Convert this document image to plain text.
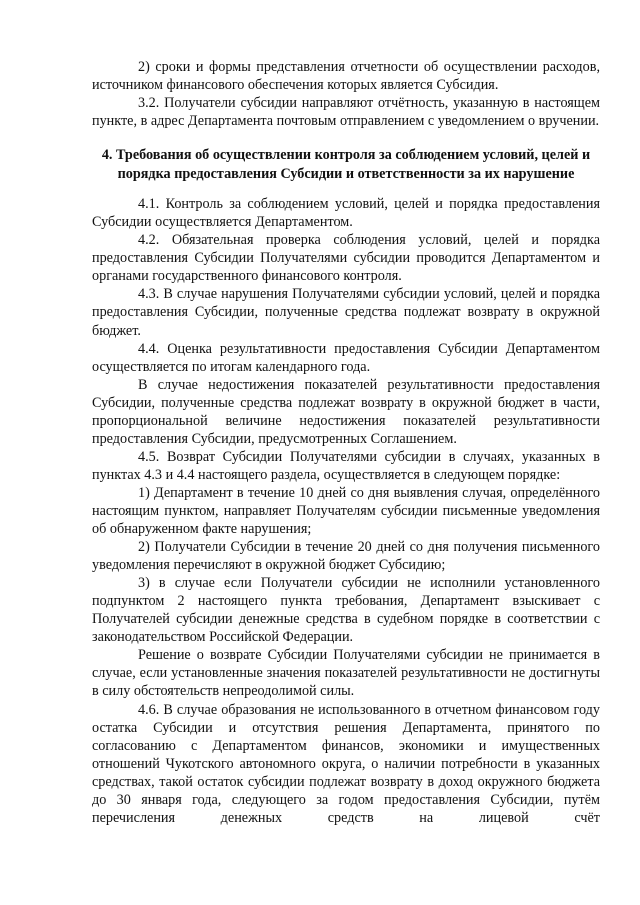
2) сроки и формы представления отчетности об осуществлении расходов, источником финансового обеспечения которых является Субсидия.

3.2. Получатели субсидии направляют отчётность, указанную в настоящем пункте, в адрес Департамента почтовым отправлением с уведомлением о вручении.

4. Требования об осуществлении контроля за соблюдением условий, целей и порядка предоставления Субсидии и ответственности за их нарушение

4.1. Контроль за соблюдением условий, целей и порядка предоставления Субсидии осуществляется Департаментом.

4.2. Обязательная проверка соблюдения условий, целей и порядка предоставления Субсидии Получателями субсидии проводится Департаментом и органами государственного финансового контроля.

4.3. В случае нарушения Получателями субсидии условий, целей и порядка предоставления Субсидии, полученные средства подлежат возврату в окружной бюджет.

4.4. Оценка результативности предоставления Субсидии Департаментом осуществляется по итогам календарного года.

В случае недостижения показателей результативности предоставления Субсидии, полученные средства подлежат возврату в окружной бюджет в части, пропорциональной величине недостижения показателей результативности предоставления Субсидии, предусмотренных Соглашением.

4.5. Возврат Субсидии Получателями субсидии в случаях, указанных в пунктах 4.3 и 4.4 настоящего раздела, осуществляется в следующем порядке:

1) Департамент в течение 10 дней со дня выявления случая, определённого настоящим пунктом, направляет Получателям субсидии письменные уведомления об обнаруженном факте нарушения;

2) Получатели Субсидии в течение 20 дней со дня получения письменного уведомления перечисляют в окружной бюджет Субсидию;

3) в случае если Получатели субсидии не исполнили установленного подпунктом 2 настоящего пункта требования, Департамент взыскивает с Получателей субсидии денежные средства в судебном порядке в соответствии с законодательством Российской Федерации.

Решение о возврате Субсидии Получателями субсидии не принимается в случае, если установленные значения показателей результативности не достигнуты в силу обстоятельств непреодолимой силы.

4.6. В случае образования не использованного в отчетном финансовом году остатка Субсидии и отсутствия решения Департамента, принятого по согласованию с Департаментом финансов, экономики и имущественных отношений Чукотского автономного округа, о наличии потребности в указанных средствах, такой остаток субсидии подлежат возврату в доход окружного бюджета до 30 января года, следующего за годом предоставления Субсидии, путём перечисления денежных средств на лицевой счёт
